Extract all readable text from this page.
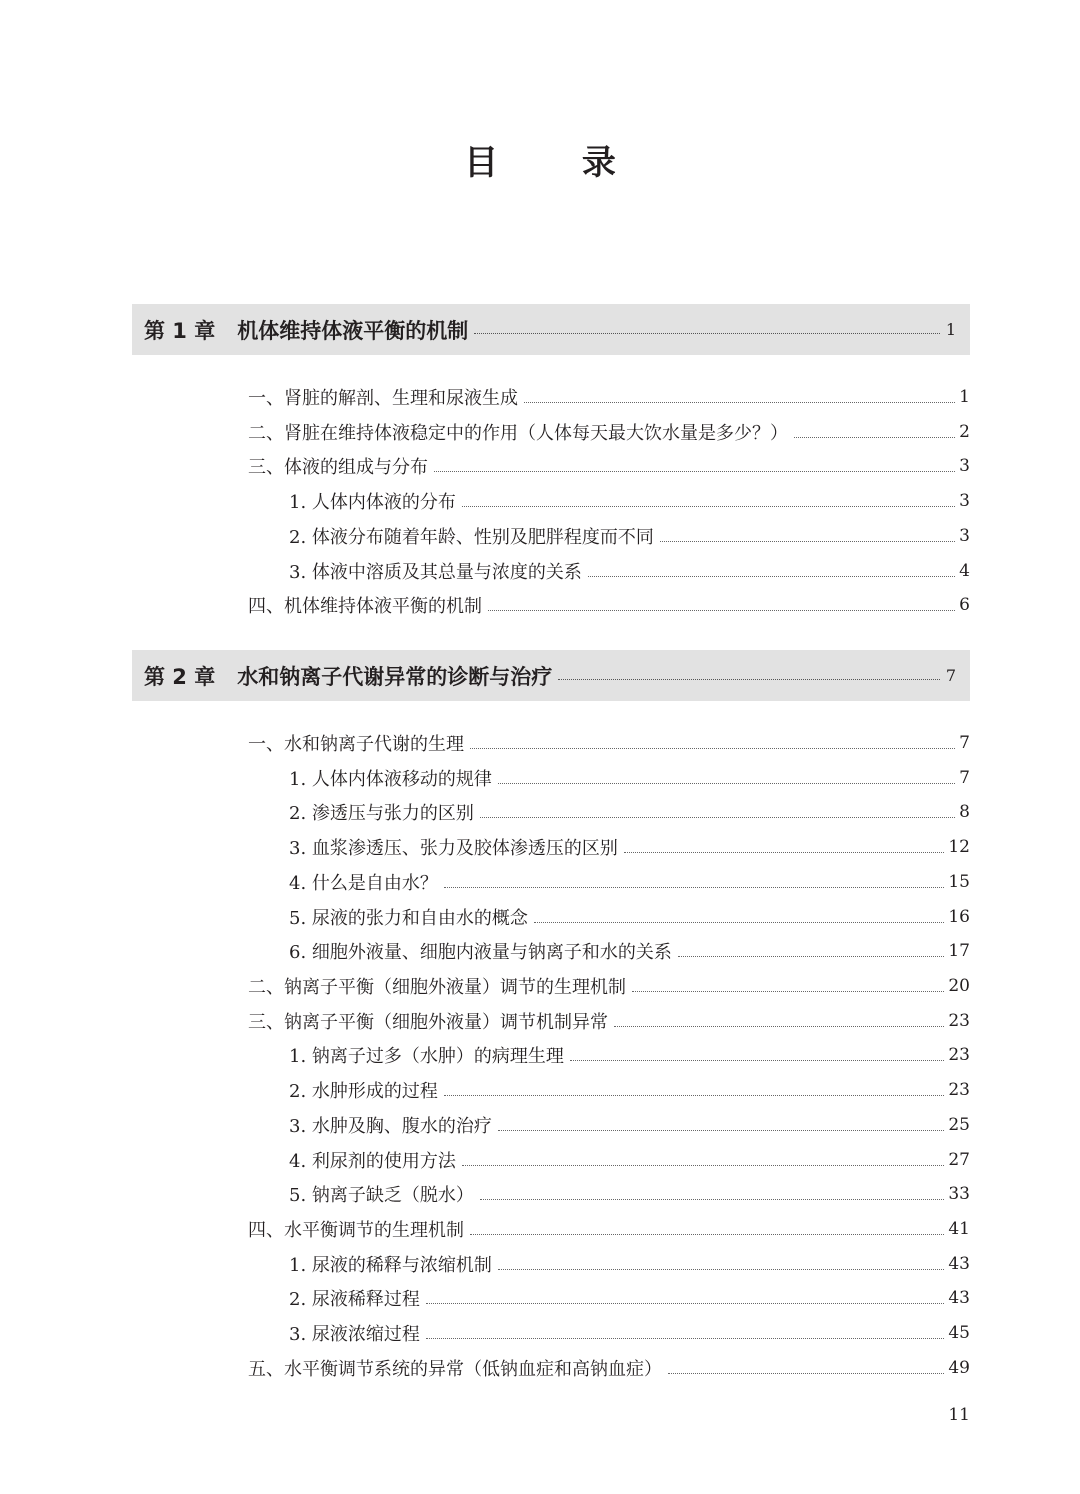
目 录
第 1 章 机体维持体液平衡的机制	1
一、肾脏的解剖、生理和尿液生成	1
二、肾脏在维持体液稳定中的作用（人体每天最大饮水量是多少？）	2
三、体液的组成与分布	3
1. 人体内体液的分布	3
2. 体液分布随着年龄、性别及肥胖程度而不同	3
3. 体液中溶质及其总量与浓度的关系	4
四、机体维持体液平衡的机制	6
第 2 章 水和钠离子代谢异常的诊断与治疗	7
一、水和钠离子代谢的生理	7
1. 人体内体液移动的规律	7
2. 渗透压与张力的区别	8
3. 血浆渗透压、张力及胶体渗透压的区别	12
4. 什么是自由水？	15
5. 尿液的张力和自由水的概念	16
6. 细胞外液量、细胞内液量与钠离子和水的关系	17
二、钠离子平衡（细胞外液量）调节的生理机制	20
三、钠离子平衡（细胞外液量）调节机制异常	23
1. 钠离子过多（水肿）的病理生理	23
2. 水肿形成的过程	23
3. 水肿及胸、腹水的治疗	25
4. 利尿剂的使用方法	27
5. 钠离子缺乏（脱水）	33
四、水平衡调节的生理机制	41
1. 尿液的稀释与浓缩机制	43
2. 尿液稀释过程	43
3. 尿液浓缩过程	45
五、水平衡调节系统的异常（低钠血症和高钠血症）	49
11
